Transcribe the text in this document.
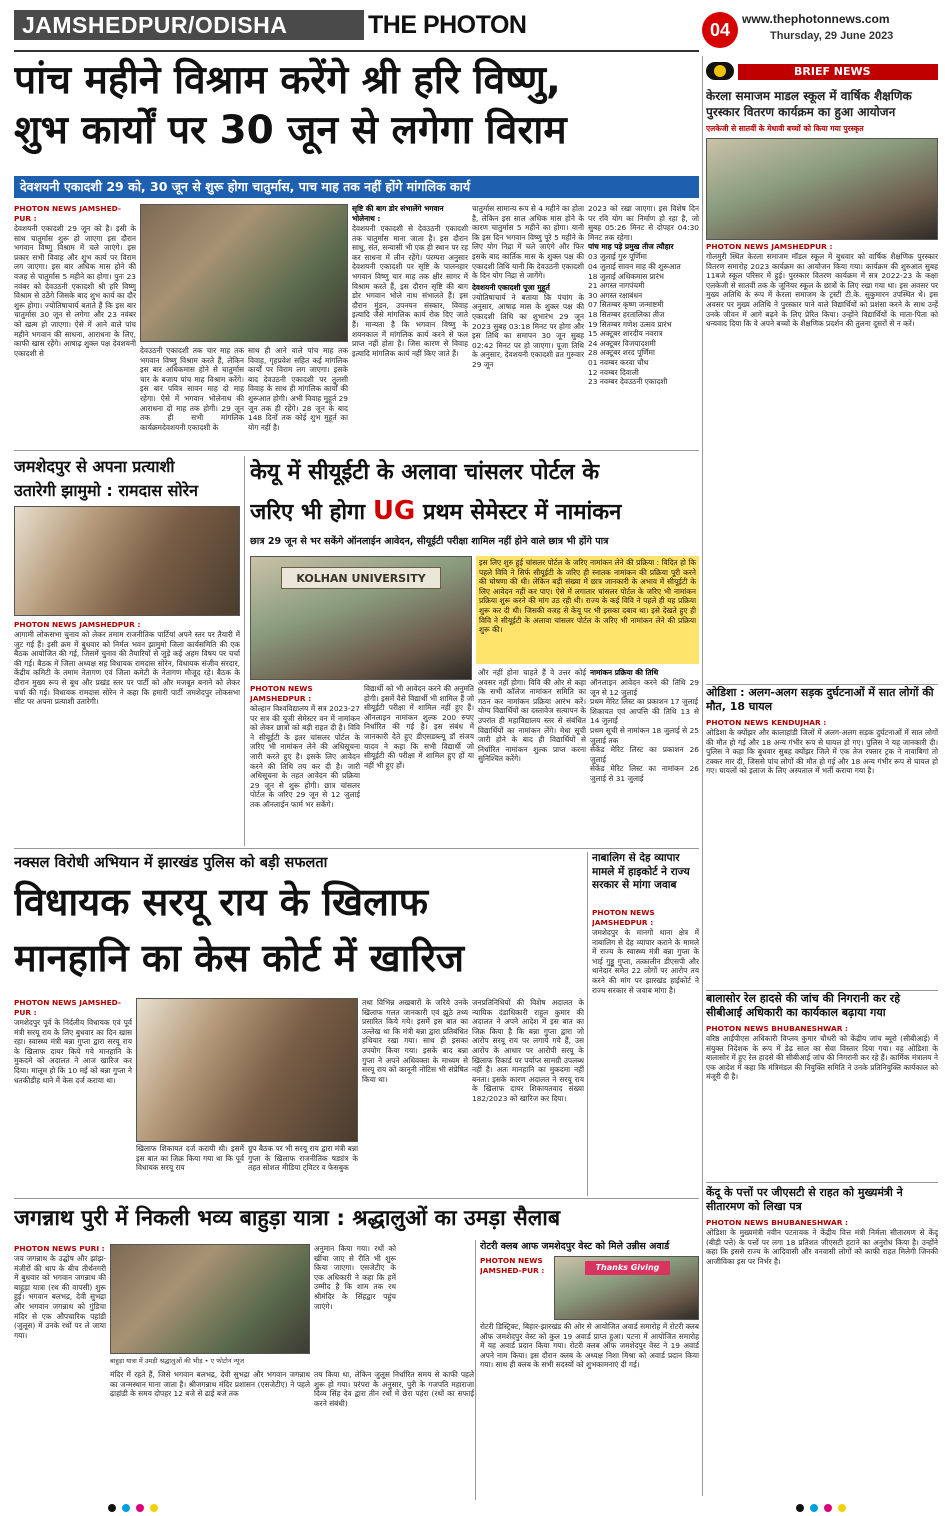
JAMSHEDPUR/ODISHA	THE PHOTON	04
www.thephotonnews.com
Thursday, 29 June 2023
पांच महीने विश्राम करेंगे श्री हरि विष्णु,
शुभ कार्यों पर 30 जून से लगेगा विराम
देवशयनी एकादशी 29 को, 30 जून से शुरू होगा चातुर्मास, पाच माह तक नहीं होंगे मांगलिक कार्य
PHOTON NEWS JAMSHED-PUR :
देवशयनी एकादशी 29 जून को है। इसी के साथ चातुर्मास शुरू हो जाएगा इस दौरान भगवान विष्णु विश्राम में चले जाएंगे। इस प्रकार सभी विवाह और शुभ कार्य पर विराम लग जाएगा। इस बार अधिक मास होने की वजह से चातुर्मास 5 महीने का होगा। पुनः 23 नवंबर को देवउठनी एकादशी श्री हरि विष्णु विश्राम से उठेंगे जिसके बाद शुभ कार्य का दौर शुरू होगा। ज्योतिषाचार्य बताते हैं कि इस बार चातुर्मास 30 जून से लगेगा और 23 नवंबर को खत्म हो जाएगा। ऐसे में आने वाले पांच महीने भगवान की साधना, आराधना के लिए, काफी खास रहेंगे। आषाढ़ शुक्ल पक्ष देवशयनी एकादशी से	देवउठनी एकादशी तक चार माह तक भगवान विष्णु विश्राम करते हैं, लेकिन इस बार अधिकमास होने से चातुर्मास चार के बजाय पांच माह विश्राम करेंगे। इस बार पवित्र सावन माह दो माह रहेगा। ऐसे में भगवान भोलेनाथ की आराधना दो माह तक होगी। 29 जून तक ही सभी मांगलिक कार्यक्रमदेवशयनी एकादशी के
साथ ही आने वाले पांच माह तक विवाह, गृहप्रवेश सहित कई मांगलिक कार्यों पर विराम लग जाएगा। इसके बाद देवउठनी एकादशी पर तुलसी विवाह के साथ ही मांगलिक कार्यों की शुरूआत होगी। अभी विवाह मुहूर्त 29 जून तक ही रहेंगे। 28 जून के बाद 148 दिनों तक कोई शुभ मुहूर्त का योग नहीं है।
सृष्टि की बाग डोर संभालेंगे भगवान भोलेनाथ :
देवशयनी एकादशी से देवउठनी एकादशी तक चातुर्मास माना जाता है। इस दौरान साधु, संत, सन्यासी भी एक ही स्थान पर रह कर साधना में लीन रहेंगे। परम्परा अनुसार देवशयनी एकादशी पर सृष्टि के पालनहार भगवान विष्णु चार माह तक क्षीर सागर में विश्राम करते हैं, इस दौरान सृष्टि की बाग डोर भगवान भोले नाथ संभालते हैं। इस दौरान मुंडन, उपनयन संस्कार, विवाह इत्यादि जैसे मांगलिक कार्य रोक दिए जाते हैं। मान्यता है कि भगवान विष्णु के शयनकाल में मांगलिक कार्य करने से फल प्राप्त नहीं होता है। जिस कारण से विवाह इत्यादि मांगलिक कार्य नहीं किए जाते हैं।
चातुर्मास सामान्य रूप से 4 महीने का होता है, लेकिन इस साल अधिक मास होने के कारण चातुर्मास 5 महीने का होगा। यानी कि इस दिन भगवान विष्णु पूरे 5 महीने के लिए योग निद्रा में चले जाएंगे और फिर इसके बाद कार्तिक मास के शुक्ल पक्ष की एकादशी तिथि यानी कि देवउठनी एकादशी के दिन योग निद्रा से जागेंगे।
देवशयनी एकादशी पूजा मुहूर्त
ज्योतिषाचार्य ने बताया कि पंचांग के अनुसार, आषाढ़ मास के शुक्ल पक्ष की एकादशी तिथि का शुभारंभ 29 जून 2023 सुबह 03:18 मिनट पर होगा और इस तिथि का समापन 30 जून सुबह 02:42 मिनट पर हो जाएगा। पूजा तिथि के अनुसार, देवशयनी एकादशी व्रत गुरुवार 29 जून
2023 को रखा जाएगा। इस विशेष दिन पर रवि योग का निर्माण हो रहा है, जो सुबह 05:26 मिनट से दोपहर 04:30 मिनट तक रहेगा।
पांच माह पड़े प्रमुख तीज त्यौहार
03 जुलाई गुरु पूर्णिमा
04 जुलाई सावन माह की शुरूआत
18 जुलाई अधिकमास प्रारंभ
21 अगस्त नागपंचमी
30 अगस्त रक्षाबंधन
07 सितम्बर कृष्ण जन्माष्टमी
18 सितम्बर हरतालिका तीज
19 सितम्बर गणेश उत्सव प्रारंभ
15 अक्टूबर शारदीय नवरात्र
24 अक्टूबर विजयादशमी
28 अक्टूबर शरद पूर्णिमा
01 नवम्बर करवा चौथ
12 नवम्बर दिवाली
23 नवम्बर देवउठनी एकादशी
BRIEF NEWS
केरला समाजम माडल स्कूल में वार्षिक शैक्षणिक पुरस्कार वितरण कार्यक्रम का हुआ आयोजन
एलकेजी से सातवीं के मेधावी बच्चों को किया गया पुरस्कृत
PHOTON NEWS JAMSHEDPUR :
गोलमुरी स्थित केरला समाजम मॉडल स्कूल में बुधवार को वार्षिक शैक्षणिक पुरस्कार वितरण समारोह 2023 कार्यक्रम का आयोजन किया गया। कार्यक्रम की शुरुआत सुबह 11बजे स्कूल परिसर में हुई। पुरस्कार वितरण कार्यक्रम में सत्र 2022-23 के कक्षा एलकेजी से सातवीं तक के जूनियर स्कूल के छात्रों के लिए रखा गया था। इस अवसर पर मुख्य अतिथि के रूप में केरला समाजम के ट्रस्टी टी.के. सुकुमारन उपस्थित थे। इस अवसर पर मुख्य अतिथि ने पुरस्कार पाने वाले विद्यार्थियों को प्रशंसा करने के साथ उन्हें उनके जीवन में आगे बढ़ने के लिए प्रेरित किया। उन्होंने विद्यार्थियों के माता-पिता को धन्यवाद दिया कि वे अपने बच्चों के शैक्षणिक प्रदर्शन की तुलना दूसरों से न करें।
ओडिशा : अलग-अलग सड़क दुर्घटनाओं में सात लोगों की मौत, 18 घायल
PHOTON NEWS KENDUJHAR :
ओडिशा के क्योंझर और कालाहांडी जिलों में अलग-अलग सड़क दुर्घटनाओं में सात लोगों की मौत हो गई और 18 अन्य गंभीर रूप से घायल हो गए। पुलिस ने यह जानकारी दी। पुलिस ने कहा कि बुधवार सुबह क्योंझर जिले में एक तेज रफ्तार ट्रक ने नावाबिगां तो टक्कर मार दी, जिससे पांच लोगों की मौत हो गई और 18 अन्य गंभीर रूप से घायल हो गए। घायलों को इलाज के लिए अस्पताल में भर्ती कराया गया है।
बालासोर रेल हादसे की जांच की निगरानी कर रहे सीबीआई अधिकारी का कार्यकाल बढ़ाया गया
PHOTON NEWS BHUBANESHWAR :
वरिष्ठ आईपीएस अधिकारी विप्लव कुमार चौधरी को केंद्रीय जांच ब्यूरो (सीबीआई) में संयुक्त निदेशक के रूप में डेढ़ साल का सेवा विस्तार दिया गया। वह ओडिशा के बालासोर में हुए रेल हादसे की सीबीआई जांच की निगरानी कर रहे हैं। कार्मिक मंत्रालय ने एक आदेश में कहा कि मंत्रिमंडल की नियुक्ति समिति ने उनके प्रतिनियुक्ति कार्यकाल को मंजूरी दी है।
केंदू के पत्तों पर जीएसटी से राहत को मुख्यमंत्री ने सीतारमण को लिखा पत्र
PHOTON NEWS BHUBANESHWAR :
ओडिशा के मुख्यमंत्री नवीन पटनायक ने केंद्रीय वित्त मंत्री निर्मला सीतारमण से केंदू (बीड़ी पत्ते) के पत्तों पर लगा 18 प्रतिशत जीएसटी हटाने का अनुरोध किया है। उन्होंने कहा कि इससे राज्य के आदिवासी और वनवासी लोगों को काफी राहत मिलेगी जिनकी आजीविका इस पर निर्भर है।
जमशेदपुर से अपना प्रत्याशी
उतारेगी झामुमो : रामदास सोरेन
PHOTON NEWS JAMSHEDPUR :
आगामी लोकसभा चुनाव को लेकर तमाम राजनीतिक पार्टियां अपने स्तर पर तैयारी में जुट गई हैं। इसी क्रम में बुधवार को निर्मल भवन झामुमो जिला कार्यसमिति की एक बैठक आयोजित की गई, जिसमें चुनाव की तैयारियों से जुड़े कई अहम विषय पर चर्चा की गई। बैठक में जिला अध्यक्ष सह विधायक रामदास सोरेन, विधायक संजीव सरदार, केंद्रीय कमिटी के तमाम नेतागण एवं जिला कमेटी के नेतागण मौजूद रहे। बैठक के दौरान मुख्य रूप से बूथ और प्रखंड स्तर पर पार्टी को और मजबूत बनाने को लेकर चर्चा की गई। विधायक रामदास सोरेन ने कहा कि हमारी पार्टी जमशेदपुर लोकसभा सीट पर अपना प्रत्याशी उतारेगी।
केयू में सीयूईटी के अलावा चांसलर पोर्टल के
जरिए भी होगा UG प्रथम सेमेस्टर में नामांकन
छात्र 29 जून से भर सकेंगे ऑनलाईन आवेदन, सीयूईटी परीक्षा शामिल नहीं होने वाले छात्र भी होंगे पात्र
KOLHAN UNIVERSITY
इस लिए शुरु हुई चांसलर पोर्टल के जरिए नामांकन लेने की प्रक्रिया : विदित हो कि पहले विवि ने सिर्फ सीयूईटी के जरिए ही स्नातक नामांकन की प्रक्रिया पूरी करने की घोषणा की थी। लेकिन बड़ी संख्या में छात्र जानकारी के अभाव में सीयूईटी के लिए आवेदन नहीं कर पाए। ऐसे में लगातार चांसलर पोर्टल के जरिए भी नामांकन प्रक्रिया शुरू करने की मांग उठ रही थी। राज्य के कई विवि ने पहले ही यह प्रक्रिया शुरू कर दी थी। जिसकी वजह से केयू पर भी इसका दबाव था। इसे देखते हुए ही विवि ने सीयूईटी के अलावा चांसलर पोर्टल के जरिए भी नामांकन लेने की प्रक्रिया शुरू की।
PHOTON NEWS JAMSHEDPUR :
कोल्हान विश्वविद्यालय में सत्र 2023-27 पर सत्र की यूजी सेमेस्टर वन में नामांकन को लेकर छात्रों को बड़ी राहत दी है। विवि ने सीयूईटी के इतर चांसलर पोर्टल के जरिए भी नामांकन लेने की अधिसूचना जारी करते हुए है। इसके लिए आवेदन करने की तिथि तय कर दी है। जारी अधिसूचना के तहत आवेदन की प्रक्रिया 29 जून से शुरू होगी। छात्र चांसलर पोर्टल के जरिए 29 जून से 12 जुलाई तक ऑनलाईन फार्म भर सकेंगे।
विद्यार्थी को भी आवेदन करने की अनुमति होगी। इसमें वैसे विद्यार्थी भी शामिल हैं जो सीयूईटी परीक्षा में शामिल नहीं हुए हैं। ऑनलाइन नामांकन शुल्क 200 रुपए निर्धारित की गई है। इस संबंध में जानकारी देते हुए डीएसडब्ल्यू डॉ संजय यादव ने कहा कि सभी विद्यार्थी जो सीयूईटी की परीक्षा में शामिल हुए हों या नहीं भी हुए हों।
और नहीं होना चाहते हैं वे उत्तर कोई अवसर नहीं होगा। विवि की ओर से कहा कि सभी कॉलेज नामांकन समिति का गठन कर नामांकन प्रक्रिया आरंभ करें। योग्य विद्यार्थियों का दस्तावेज सत्यापन के उपरांत ही महाविद्यालय स्तर से संबंधित विद्यार्थियों का नामांकन लेंगे। मेधा सूची जारी होने के बाद ही विद्यार्थियों से निर्धारित नामांकन शुल्क प्राप्त करना सुनिश्चित करेंगे।
नामांकन प्रक्रिया की तिथि
ऑनलाइन आवेदन करने की तिथि 29 जून से 12 जुलाई
प्रथम मेरिट लिस्ट का प्रकाशन 17 जुलाई
शिकायत एवं आपत्ति की तिथि 13 से 14 जुलाई
प्रथम सूची से नामांकन 18 जुलाई से 25 जुलाई तक
सेकेंड मेरिट लिस्ट का प्रकाशन 26 जुलाई
सेकेंड मेरिट लिस्ट का नामांकन 26 जुलाई से 31 जुलाई
नक्सल विरोधी अभियान में झारखंड पुलिस को बड़ी सफलता
विधायक सरयू राय के खिलाफ
मानहानि का केस कोर्ट में खारिज
PHOTON NEWS JAMSHED-PUR :
जमशेदपुर पूर्व के निर्दलीय विधायक एवं पूर्व मंत्री सरयू राय के लिए बुधवार का दिन खास रहा। स्वास्थ्य मंत्री बन्ना गुप्ता द्वारा सरयू राय के खिलाफ दायर किये गये मानहानि के मुकदमे को अदालत ने आज खारिज कर दिया। मालूम हो कि 10 मई को बन्ना गुप्ता ने धतकीडीह थाने में केस दर्ज कराया था।
खिलाफ शिकायत दर्ज करायी थी। इसमें इस बात का जिक्र किया गया था कि पूर्व विधायक सरयू राय
ग्रुप बैठक पर भी सरयू राय द्वारा मंत्री बन्ना गुप्ता के खिलाफ राजनीतिक षड्यंत्र के तहत सोशल मीडिया ट्विटर व फेसबुक
तथा विभिन्न अखबारों के जरिये उनके खिलाफ गलत जानकारी एवं झूठे तथ्य प्रसारित किये गये। इसमें इस बात का उल्लेख था कि मंत्री बन्ना द्वारा प्रतिबंधित हथियार रखा गया। साथ ही इसका उपयोग किया गया। इसके बाद बन्ना गुप्ता ने अपने अधिवक्ता के माध्यम से सरयू राय को कानूनी नोटिस भी संप्रेषित किया था।
जनप्रतिनिधियों की विशेष अदालत के न्यायिक दंडाधिकारी राहुल कुमार की अदालत ने अपने आदेश में इस बात का जिक्र किया है कि बन्ना गुप्ता द्वारा जो आरोप सरयू राय पर लगाये गये हैं, उस आरोप के आधार पर आरोपी सरयू के खिलाफ रिकार्ड पर पर्याप्त सामग्री उपलब्ध नहीं है। अतः मानहानि का मुकदमा नहीं बनता। इसके कारण अदालत ने सरयू राय के खिलाफ दायर शिकायतवाद संख्या 182/2023 को खारिज कर दिया।
नाबालिग से देह व्यापार मामले में हाइकोर्ट ने राज्य सरकार से मांगा जवाब
PHOTON NEWS JAMSHEDPUR :
जमशेदपुर के मानगो थाना क्षेत्र में नाबालिग से देह व्यापार कराने के मामले में राज्य के स्वास्थ्य मंत्री बन्ना गुप्ता के भाई गुड्डू गुप्ता, तत्कालीन डीएसपी और थानेदार समेत 22 लोगों पर आरोप तय करने की मांग पर झारखंड हाईकोर्ट ने राज्य सरकार से जवाब मांगा है।
जगन्नाथ पुरी में निकली भव्य बाहुड़ा यात्रा : श्रद्धालुओं का उमड़ा सैलाब
PHOTON NEWS PURI :
जय जगन्नाथ के उद्घोष और झांझ-मंजीरों की थाप के बीच तीर्थनगरी में बुधवार को भगवान जगन्नाथ की बाहुड़ा यात्रा (रथ की वापसी) शुरू हुई। भगवान बलभद्र, देवी सुभद्रा और भगवान जगन्नाथ को गुंडिचा मंदिर से एक औपचारिक पहांडी (जुलूस) में उनके रथों पर ले जाया गया।
बाहुड़ा यात्रा में उमड़ी श्रद्धालुओं की भीड़ • ए फोटोन न्यूज
मंदिर में रहते हैं, जिसे भगवान बलभद्र, देवी सुभद्रा और भगवान जगन्नाथ का जन्मस्थान माना जाता है। श्रीजगन्नाथ मंदिर प्रशासन (एसजेटीए) ने पहले ढ़ाहांडी के समय दोपहर 12 बजे से ढाई बजे तक
अनुमान किया गया। रथों को खींचा जाए से रीति भी शुरू किया जाएगा। एसजेटीए के एक अधिकारी ने कहा कि हमें उम्मीद है कि शाम तक रथ श्रीमंदिर के सिंहद्वार पहुंच जाएंगे।
तय किया था, लेकिन जुलूस निर्धारित समय से काफी पहले शुरू हो गया। परंपरा के अनुसार, पुरी के गजपति महाराजा दिव्य सिंह देव द्वारा तीन रथों में छेरा पहंरा (रथों का सफाई करने संबंधी)
रोटरी क्लब आफ जमशेदपुर वेस्ट को मिले उन्नीस अवार्ड
PHOTON NEWS JAMSHED-PUR :	Thanks Giving
रोटरी डिस्ट्रिक्ट, बिहार-झारखंड की ओर से आयोजित अवार्ड समारोह में रोटरी क्लब ऑफ जमशेदपुर वेस्ट को कुल 19 अवार्ड प्राप्त हुआ। पटना में आयोजित समारोह में यह अवार्ड प्रदान किया गया। रोटरी क्लब ऑफ जमशेदपुर वेस्ट ने 19 अवार्ड अपने नाम किया। इस दौरान क्लब के अध्यक्ष निशा मिश्रा को अवार्ड प्रदान किया गया। साथ ही क्लब के सभी सदस्यों को शुभकामनाएं दी गई।
